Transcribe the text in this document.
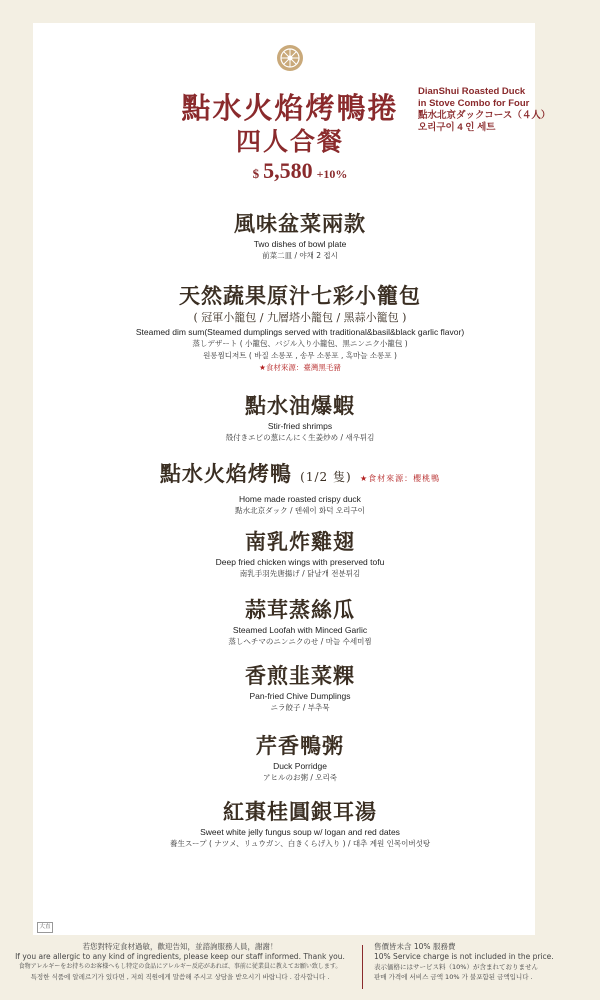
點水火焰烤鴨捲
四人合餐
DianShui Roasted Duck
in Stove Combo for Four
點水北京ダックコース（４人）
오리구이 4 인 세트
$ 5,580 +10%
風味盆菜兩款
Two dishes of bowl plate
前菜二皿 / 야채 2 접시
天然蔬果原汁七彩小籠包
( 冠軍小籠包 / 九層塔小籠包 / 黑蒜小籠包 )
Steamed dim sum(Steamed dumplings served with traditional&basil&black garlic flavor)
蒸しデザート ( 小籠包、バジル入り小籠包、黒ニンニク小籠包 )
원롱찜디저트 ( 바질 소롱포 , 송무 소롱포 , 흑마늘 소롱포 )
★食材來源：臺灣黑毛豬
點水油爆蝦
Stir-fried shrimps
殻付きエビの葱にんにく生姜炒め / 새우튀김
點水火焰烤鴨 (1/2 隻) ★食材來源：櫻桃鴨
Home made roasted crispy duck
點水北京ダック / 덴쉐이 화덕 오리구이
南乳炸雞翅
Deep fried chicken wings with preserved tofu
南乳手羽先唐揚げ / 닭날개 전분튀김
蒜茸蒸絲瓜
Steamed Loofah with Minced Garlic
蒸しへチマのニンニクのせ / 마늘 수세미찜
香煎韭菜粿
Pan-fried Chive Dumplings
ニラ餃子 / 부추묵
芹香鴨粥
Duck Porridge
アヒルのお粥 / 오리죽
紅棗桂圓銀耳湯
Sweet white jelly fungus soup w/ logan and red dates
養生スープ ( ナツメ、リュウガン、白きくらげ入り ) / 대추 계원 인목이버섯탕
大直
若您對特定食材過敏，歡迎告知，並諮詢服務人員，謝謝！
If you are allergic to any kind of ingredients, please keep our staff informed. Thank you.
食物アレルギーをお持ちのお客様へもし特定の食品にアレルギー反応があれば、事前に従業員に教えてお願い致します。
특정한 식품에 알레르기가 있다면 , 저희 직원에게 말씀해 주시고 상담을 받으시기 바랍니다 . 감사합니다 .
售價皆未含 10% 服務費
10% Service charge is not included in the price.
表示価格にはサービス料（10%）が含まれておりません
판매 가격에 서비스 금액 10% 가 불포함된 금액입니다 .
